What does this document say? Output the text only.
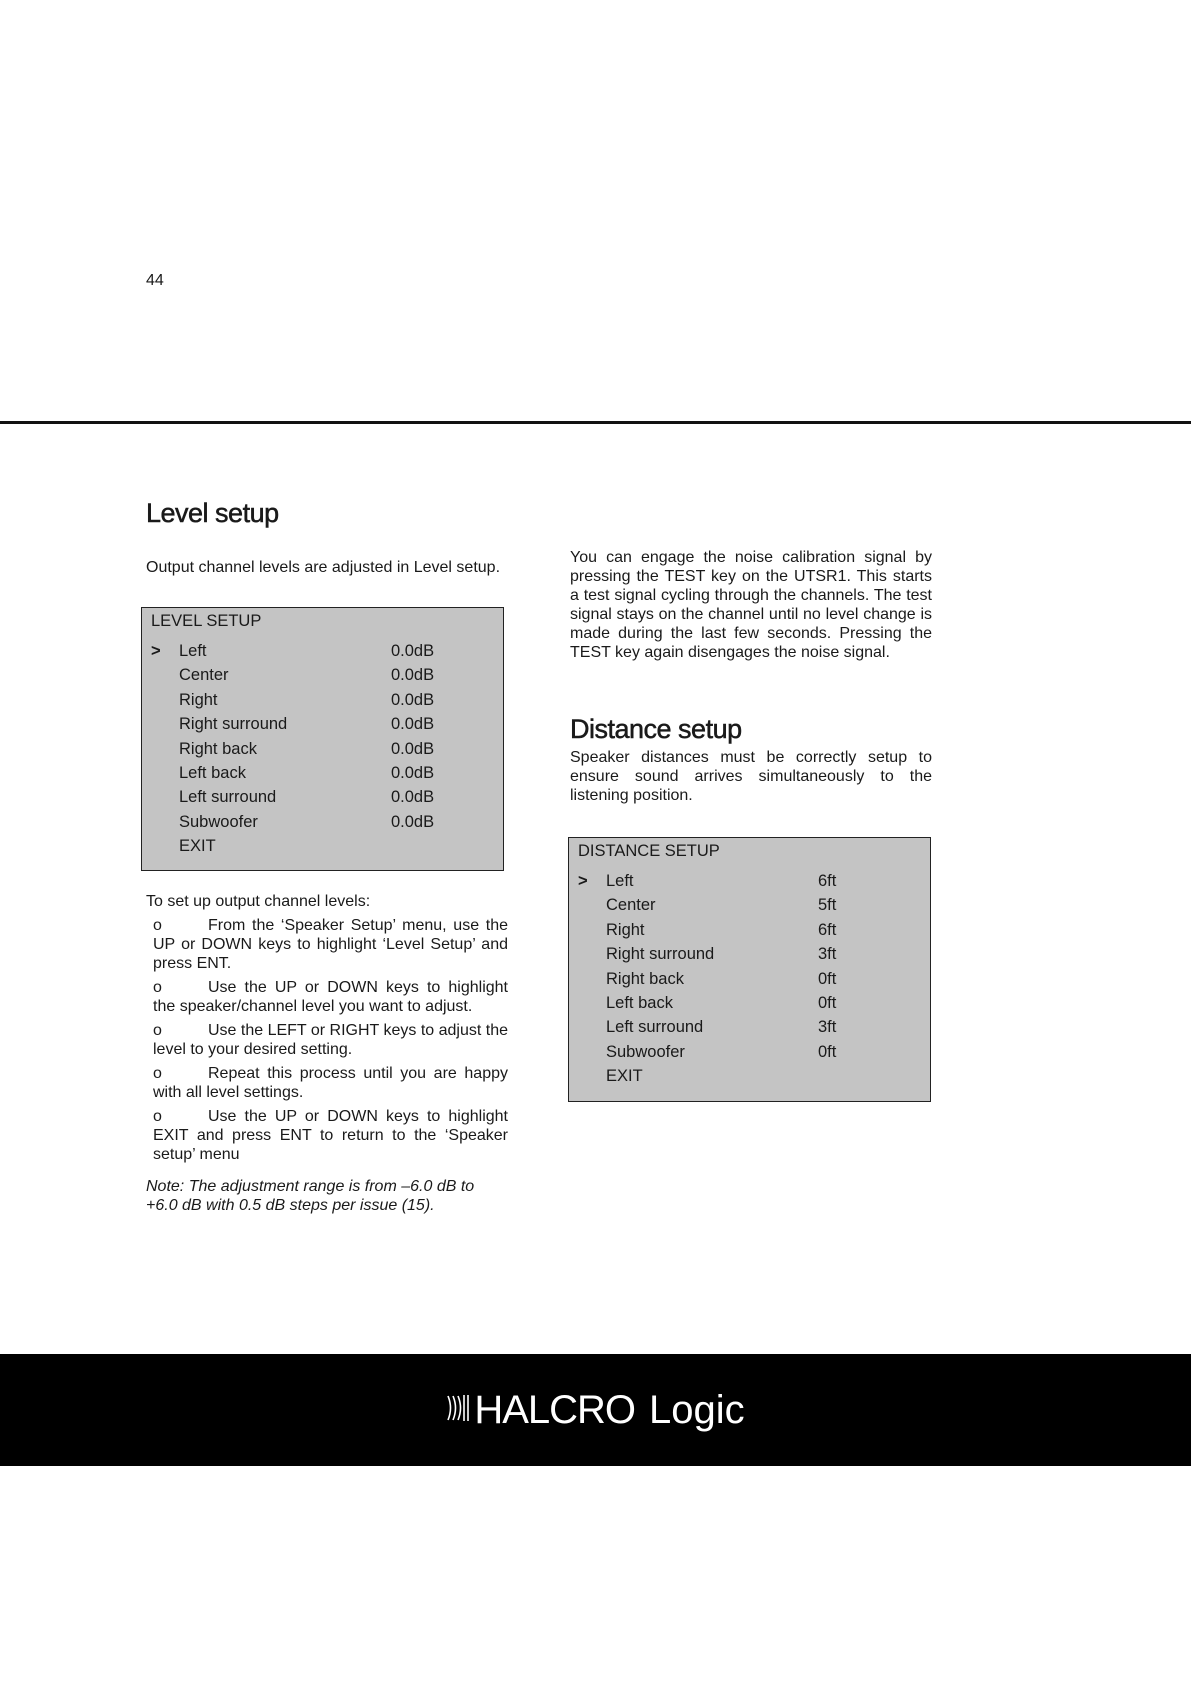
44
Level setup
Output channel levels are adjusted in Level setup.
LEVEL SETUP
> Left	0.0dB
Center	0.0dB
Right	0.0dB
Right surround	0.0dB
Right back	0.0dB
Left back	0.0dB
Left surround	0.0dB
Subwoofer	0.0dB
EXIT
To set up output channel levels:
o	From the ‘Speaker Setup’ menu, use the UP or DOWN keys to highlight ‘Level Setup’ and press ENT.
o	Use the UP or DOWN keys to highlight the speaker/channel level you want to adjust.
o	Use the LEFT or RIGHT keys to adjust the level to your desired setting.
o	Repeat this process until you are happy with all level settings.
o	Use the UP or DOWN keys to highlight EXIT and press ENT to return to the ‘Speaker setup’ menu
Note: The adjustment range is from –6.0 dB to +6.0 dB with 0.5 dB steps per issue (15).
You can engage the noise calibration signal by pressing the TEST key on the UTSR1. This starts a test signal cycling through the channels. The test signal stays on the channel until no level change is made during the last few seconds. Pressing the TEST key again disengages the noise signal.
Distance setup
Speaker distances must be correctly setup to ensure sound arrives simultaneously to the listening position.
DISTANCE SETUP
> Left	6ft
Center	5ft
Right	6ft
Right surround	3ft
Right back	0ft
Left back	0ft
Left surround	3ft
Subwoofer	0ft
EXIT
HALCRO Logic
